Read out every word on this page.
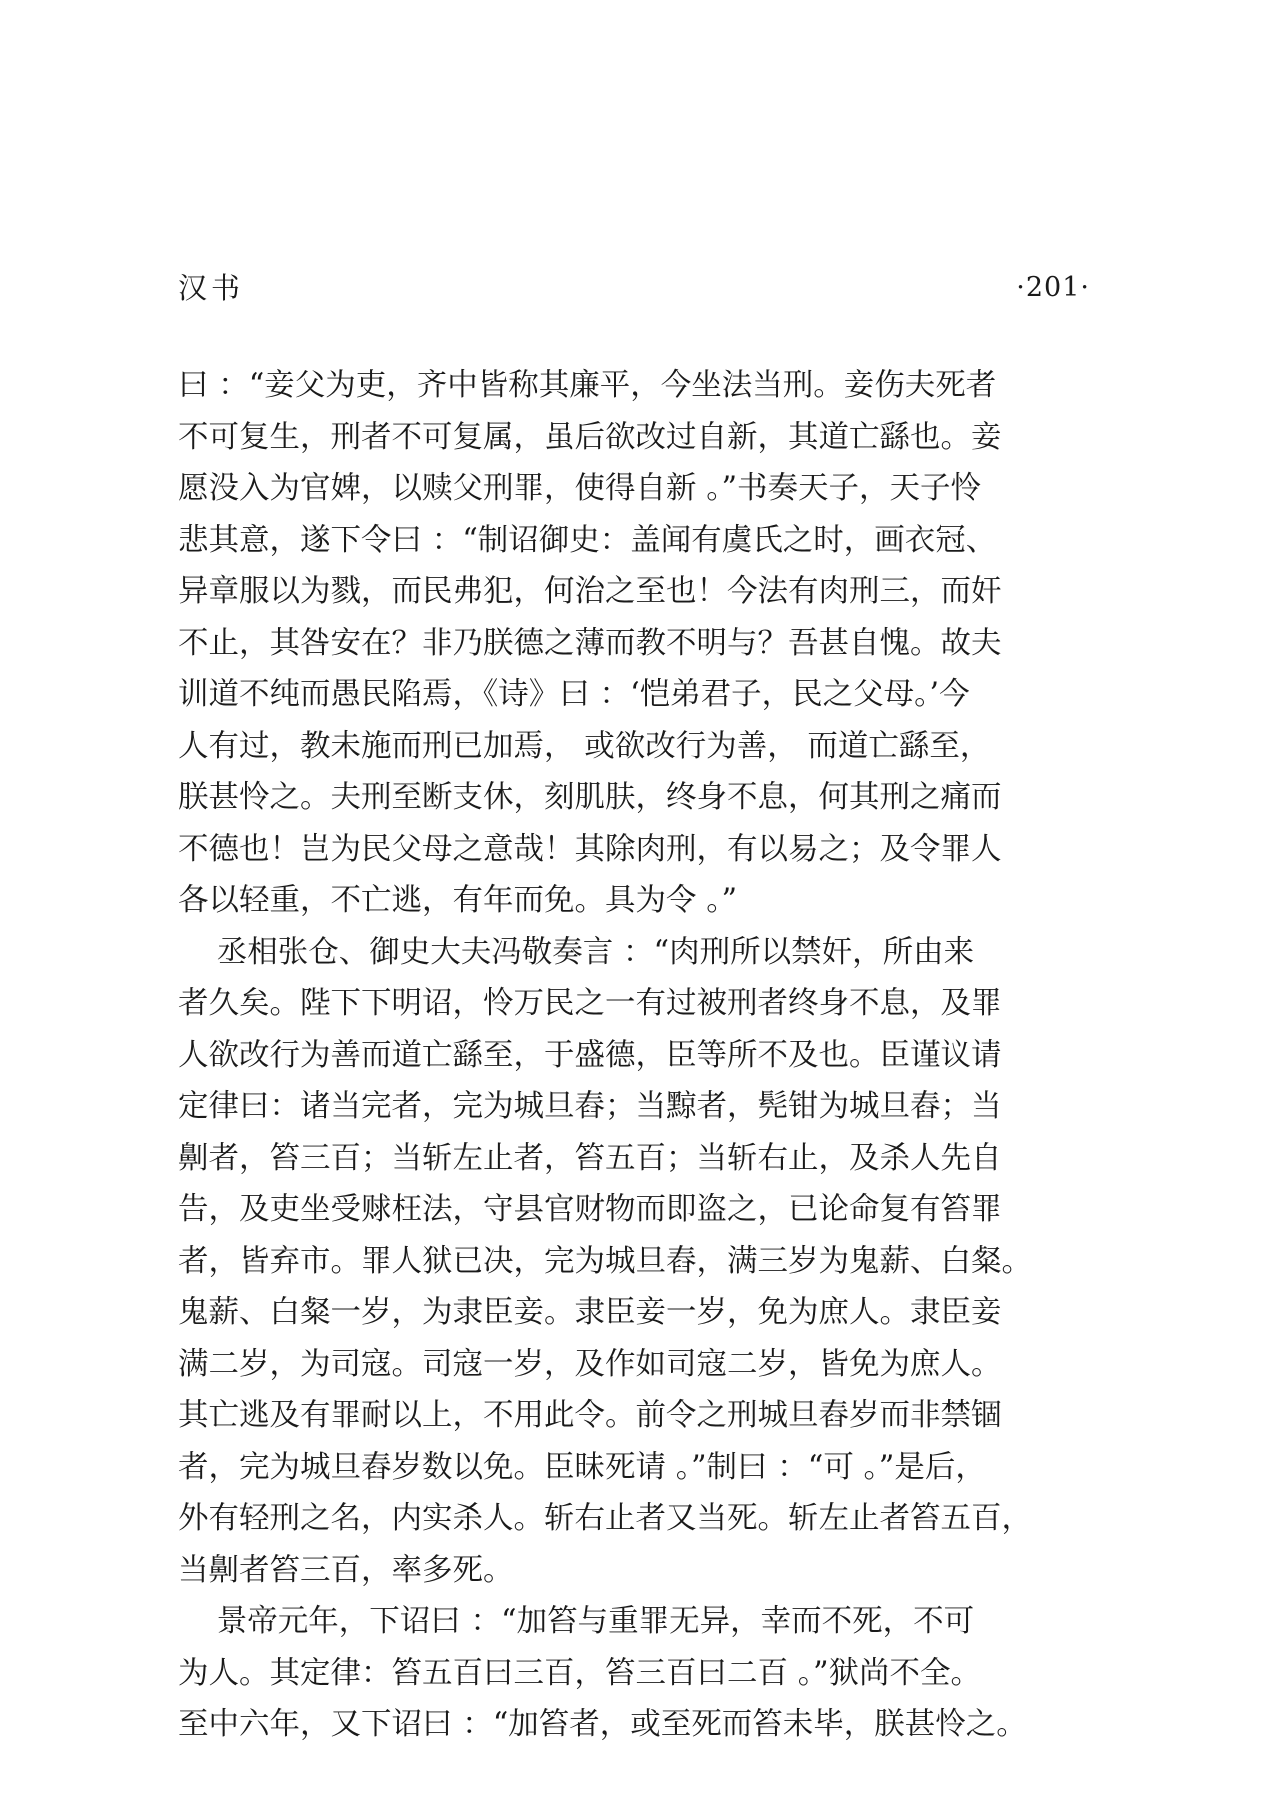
汉书	·201·
曰 ：“妾父为吏，齐中皆称其廉平，今坐法当刑。妾伤夫死者
不可复生，刑者不可复属，虽后欲改过自新，其道亡繇也。妾
愿没入为官婢，以赎父刑罪，使得自新 。”书奏天子，天子怜
悲其意，遂下令曰 ：“制诏御史：盖闻有虞氏之时，画衣冠、
异章服以为戮，而民弗犯，何治之至也！今法有肉刑三，而奸
不止，其咎安在？非乃朕德之薄而教不明与？吾甚自愧。故夫
训道不纯而愚民陷焉，《诗》曰 ：‘恺弟君子，民之父母。’今
人有过，教未施而刑已加焉， 或欲改行为善， 而道亡繇至，
朕甚怜之。夫刑至断支休，刻肌肤，终身不息，何其刑之痛而
不德也！岂为民父母之意哉！其除肉刑，有以易之；及令罪人
各以轻重，不亡逃，有年而免。具为令 。”
丞相张仓、御史大夫冯敬奏言 ：“肉刑所以禁奸，所由来
者久矣。陛下下明诏，怜万民之一有过被刑者终身不息，及罪
人欲改行为善而道亡繇至，于盛德，臣等所不及也。臣谨议请
定律曰：诸当完者，完为城旦舂；当黥者，髡钳为城旦舂；当
劓者，笞三百；当斩左止者，笞五百；当斩右止，及杀人先自
告，及吏坐受赇枉法，守县官财物而即盗之，已论命复有笞罪
者，皆弃市。罪人狱已决，完为城旦舂，满三岁为鬼薪、白粲。
鬼薪、白粲一岁，为隶臣妾。隶臣妾一岁，免为庶人。隶臣妾
满二岁，为司寇。司寇一岁，及作如司寇二岁，皆免为庶人。
其亡逃及有罪耐以上，不用此令。前令之刑城旦舂岁而非禁锢
者，完为城旦舂岁数以免。臣昧死请 。”制曰 ：“可 。”是后，
外有轻刑之名，内实杀人。斩右止者又当死。斩左止者笞五百，
当劓者笞三百，率多死。
景帝元年，下诏曰 ：“加笞与重罪无异，幸而不死，不可
为人。其定律：笞五百曰三百，笞三百曰二百 。”狱尚不全。
至中六年，又下诏曰 ：“加笞者，或至死而笞未毕，朕甚怜之。
